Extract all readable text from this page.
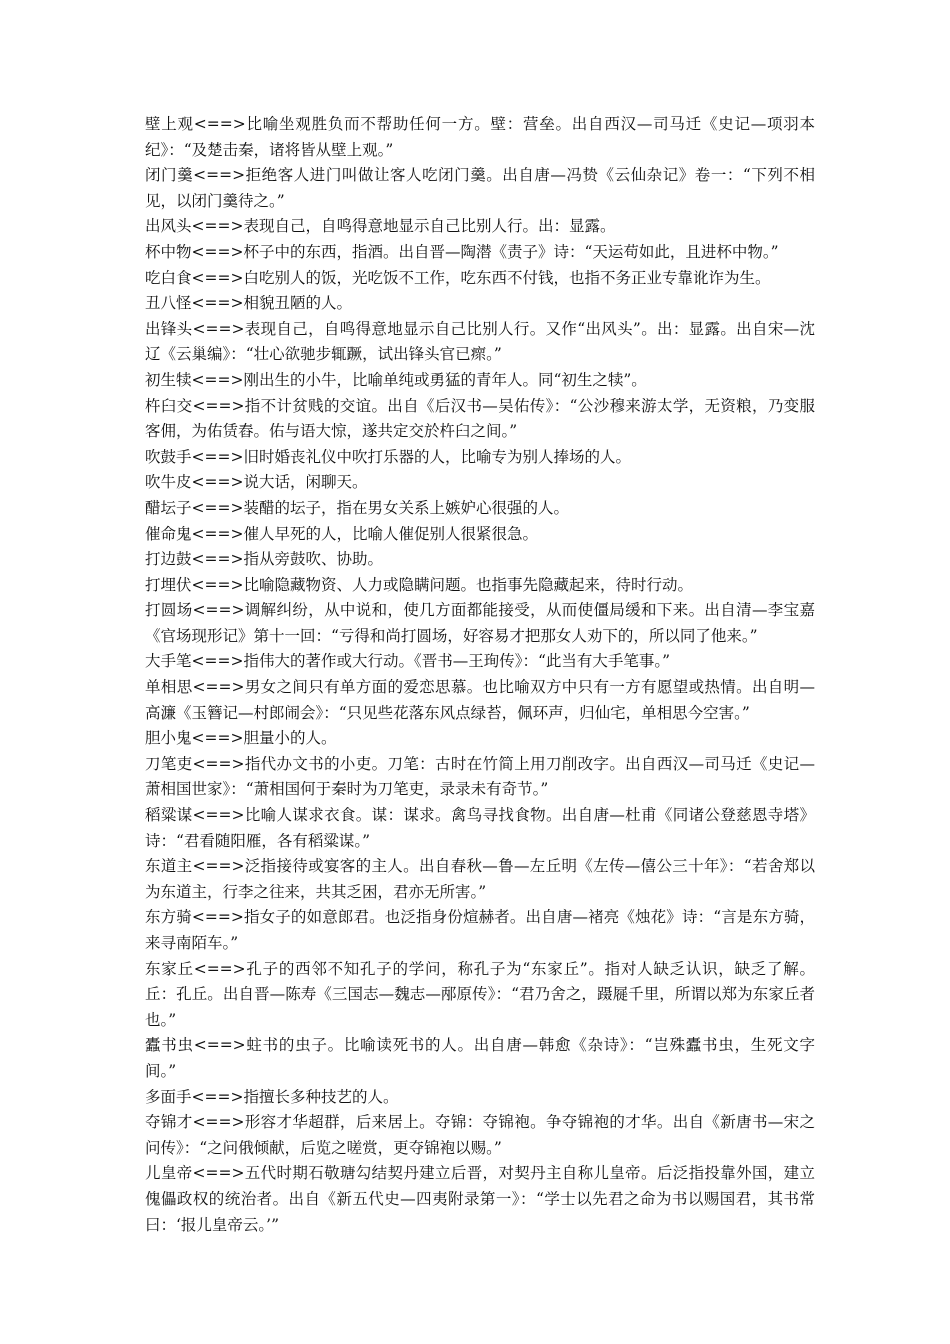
壁上观<==>比喻坐观胜负而不帮助任何一方。壁：营垒。出自西汉—司马迁《史记—项羽本纪》：“及楚击秦，诸将皆从壁上观。”

闭门羹<==>拒绝客人进门叫做让客人吃闭门羹。出自唐—冯贽《云仙杂记》卷一：“下列不相见，以闭门羹待之。”

出风头<==>表现自己，自鸣得意地显示自己比别人行。出：显露。

杯中物<==>杯子中的东西，指酒。出自晋—陶潜《责子》诗：“天运苟如此，且进杯中物。”

吃白食<==>白吃别人的饭，光吃饭不工作，吃东西不付钱，也指不务正业专靠讹诈为生。

丑八怪<==>相貌丑陋的人。

出锋头<==>表现自己，自鸣得意地显示自己比别人行。又作“出风头”。出：显露。出自宋—沈辽《云巢编》：“壮心欲驰步辄蹶，试出锋头官已瘝。”

初生犊<==>刚出生的小牛，比喻单纯或勇猛的青年人。同“初生之犊”。

杵臼交<==>指不计贫贱的交谊。出自《后汉书—吴佑传》：“公沙穆来游太学，无资粮，乃变服客佣，为佑赁舂。佑与语大惊，遂共定交於杵臼之间。”

吹鼓手<==>旧时婚丧礼仪中吹打乐器的人，比喻专为别人捧场的人。

吹牛皮<==>说大话，闲聊天。

醋坛子<==>装醋的坛子，指在男女关系上嫉妒心很强的人。

催命鬼<==>催人早死的人，比喻人催促别人很紧很急。

打边鼓<==>指从旁鼓吹、协助。

打埋伏<==>比喻隐藏物资、人力或隐瞒问题。也指事先隐藏起来，待时行动。

打圆场<==>调解纠纷，从中说和，使几方面都能接受，从而使僵局缓和下来。出自清—李宝嘉《官场现形记》第十一回：“亏得和尚打圆场，好容易才把那女人劝下的，所以同了他来。”

大手笔<==>指伟大的著作或大行动。《晋书—王珣传》：“此当有大手笔事。”

单相思<==>男女之间只有单方面的爱恋思慕。也比喻双方中只有一方有愿望或热情。出自明—高濂《玉簪记—村郎闹会》：“只见些花落东风点绿苔，佩环声，归仙宅，单相思今空害。”

胆小鬼<==>胆量小的人。

刀笔吏<==>指代办文书的小吏。刀笔：古时在竹简上用刀削改字。出自西汉—司马迁《史记—萧相国世家》：“萧相国何于秦时为刀笔吏，录录未有奇节。”

稻粱谋<==>比喻人谋求衣食。谋：谋求。禽鸟寻找食物。出自唐—杜甫《同诸公登慈恩寺塔》诗：“君看随阳雁，各有稻粱谋。”

东道主<==>泛指接待或宴客的主人。出自春秋—鲁—左丘明《左传—僖公三十年》：“若舍郑以为东道主，行李之往来，共其乏困，君亦无所害。”

东方骑<==>指女子的如意郎君。也泛指身份煊赫者。出自唐—褚亮《烛花》诗：“言是东方骑，来寻南陌车。”

东家丘<==>孔子的西邻不知孔子的学问，称孔子为“东家丘”。指对人缺乏认识，缺乏了解。丘：孔丘。出自晋—陈寿《三国志—魏志—邴原传》：“君乃舍之，蹑屣千里，所谓以郑为东家丘者也。”

蠹书虫<==>蛀书的虫子。比喻读死书的人。出自唐—韩愈《杂诗》：“岂殊蠹书虫，生死文字间。”

多面手<==>指擅长多种技艺的人。

夺锦才<==>形容才华超群，后来居上。夺锦：夺锦袍。争夺锦袍的才华。出自《新唐书—宋之问传》：“之问俄倾献，后览之嗟赏，更夺锦袍以赐。”

儿皇帝<==>五代时期石敬瑭勾结契丹建立后晋，对契丹主自称儿皇帝。后泛指投靠外国，建立傀儡政权的统治者。出自《新五代史—四夷附录第一》：“学士以先君之命为书以赐国君，其书常曰：‘报儿皇帝云。’”
